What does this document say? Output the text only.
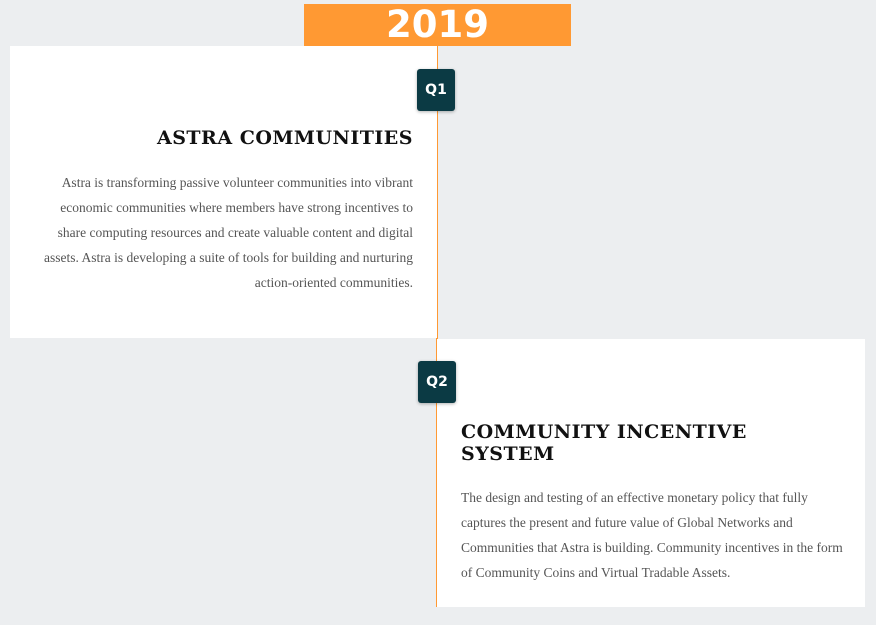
2019
ASTRA COMMUNITIES
Astra is transforming passive volunteer communities into vibrant economic communities where members have strong incentives to share computing resources and create valuable content and digital assets. Astra is developing a suite of tools for building and nurturing action-oriented communities.
COMMUNITY INCENTIVE SYSTEM
The design and testing of an effective monetary policy that fully captures the present and future value of Global Networks and Communities that Astra is building. Community incentives in the form of Community Coins and Virtual Tradable Assets.
Q1
Q2
